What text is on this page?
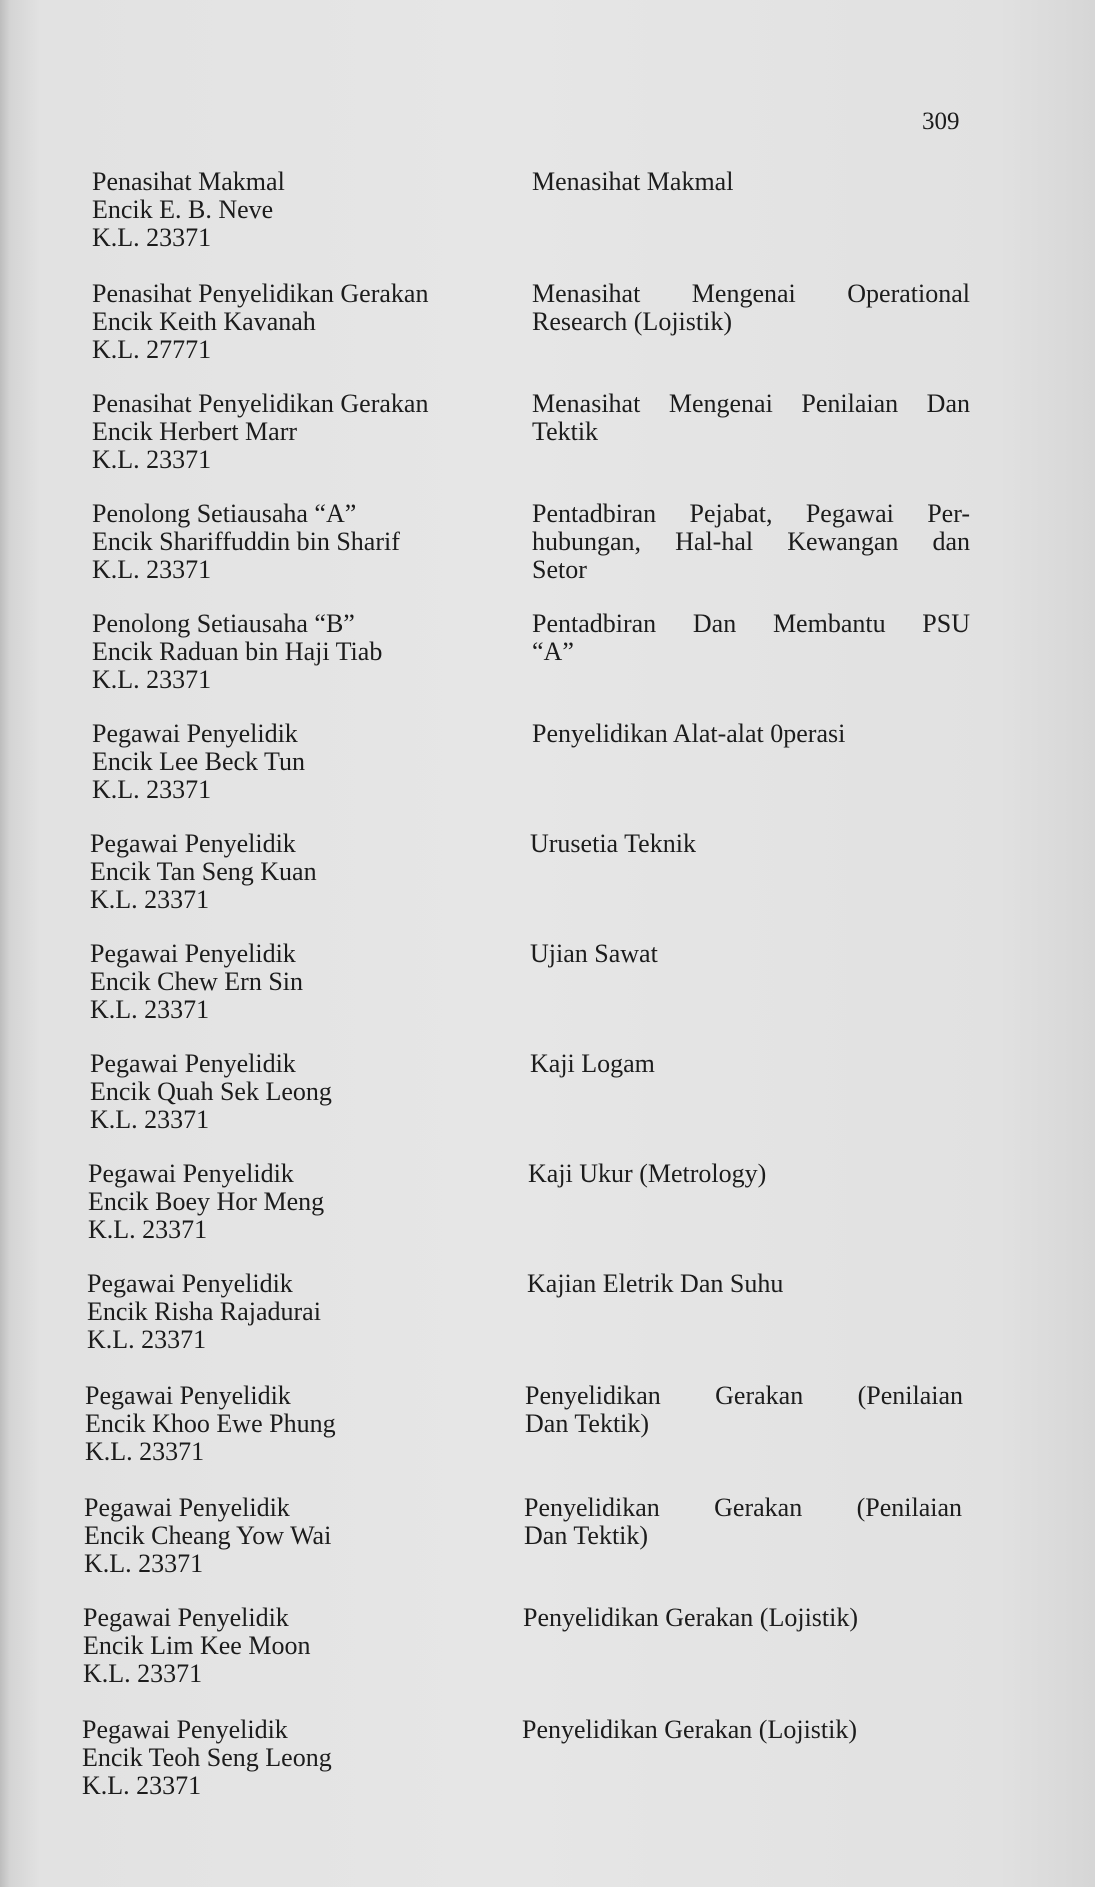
309
Penasihat Makmal
Encik E. B. Neve
K.L. 23371
Menasihat Makmal
Penasihat Penyelidikan Gerakan
Encik Keith Kavanah
K.L. 27771
Menasihat Mengenai Operational
Research (Lojistik)
Penasihat Penyelidikan Gerakan
Encik Herbert Marr
K.L. 23371
Menasihat Mengenai Penilaian Dan
Tektik
Penolong Setiausaha “A”
Encik Shariffuddin bin Sharif
K.L. 23371
Pentadbiran Pejabat, Pegawai Per-
hubungan, Hal-hal Kewangan dan
Setor
Penolong Setiausaha “B”
Encik Raduan bin Haji Tiab
K.L. 23371
Pentadbiran Dan Membantu PSU
“A”
Pegawai Penyelidik
Encik Lee Beck Tun
K.L. 23371
Penyelidikan Alat-alat 0perasi
Pegawai Penyelidik
Encik Tan Seng Kuan
K.L. 23371
Urusetia Teknik
Pegawai Penyelidik
Encik Chew Ern Sin
K.L. 23371
Ujian Sawat
Pegawai Penyelidik
Encik Quah Sek Leong
K.L. 23371
Kaji Logam
Pegawai Penyelidik
Encik Boey Hor Meng
K.L. 23371
Kaji Ukur (Metrology)
Pegawai Penyelidik
Encik Risha Rajadurai
K.L. 23371
Kajian Eletrik Dan Suhu
Pegawai Penyelidik
Encik Khoo Ewe Phung
K.L. 23371
Penyelidikan Gerakan (Penilaian
Dan Tektik)
Pegawai Penyelidik
Encik Cheang Yow Wai
K.L. 23371
Penyelidikan Gerakan (Penilaian
Dan Tektik)
Pegawai Penyelidik
Encik Lim Kee Moon
K.L. 23371
Penyelidikan Gerakan (Lojistik)
Pegawai Penyelidik
Encik Teoh Seng Leong
K.L. 23371
Penyelidikan Gerakan (Lojistik)
